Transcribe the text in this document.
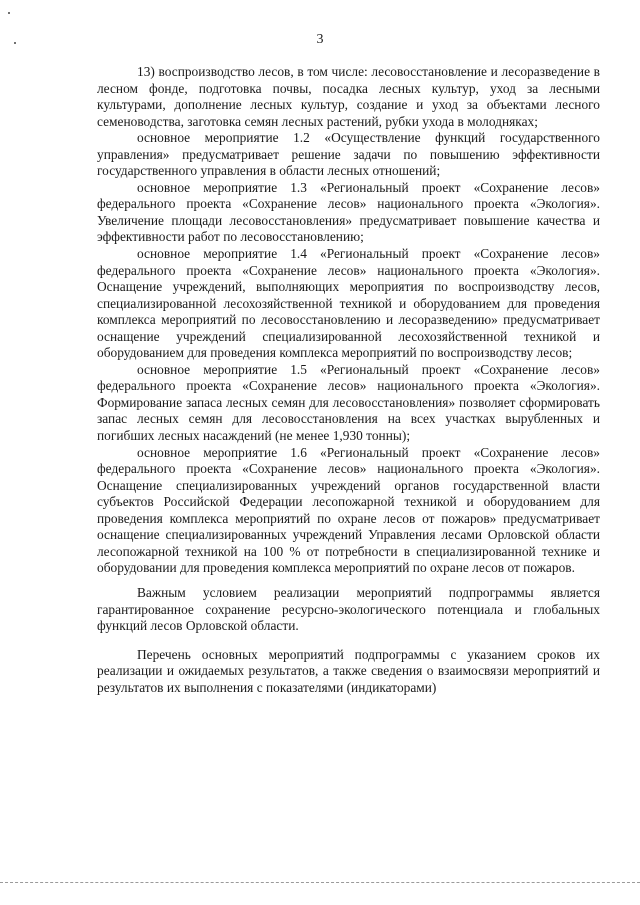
3

13) воспроизводство лесов, в том числе: лесовосстановление и лесоразведение в лесном фонде, подготовка почвы, посадка лесных культур, уход за лесными культурами, дополнение лесных культур, создание и уход за объектами лесного семеноводства, заготовка семян лесных растений, рубки ухода в молодняках;

основное мероприятие 1.2 «Осуществление функций государственного управления» предусматривает решение задачи по повышению эффективности государственного управления в области лесных отношений;

основное мероприятие 1.3 «Региональный проект «Сохранение лесов» федерального проекта «Сохранение лесов» национального проекта «Экология». Увеличение площади лесовосстановления» предусматривает повышение качества и эффективности работ по лесовосстановлению;

основное мероприятие 1.4 «Региональный проект «Сохранение лесов» федерального проекта «Сохранение лесов» национального проекта «Экология». Оснащение учреждений, выполняющих мероприятия по воспроизводству лесов, специализированной лесохозяйственной техникой и оборудованием для проведения комплекса мероприятий по лесовосстановлению и лесоразведению» предусматривает оснащение учреждений специализированной лесохозяйственной техникой и оборудованием для проведения комплекса мероприятий по воспроизводству лесов;

основное мероприятие 1.5 «Региональный проект «Сохранение лесов» федерального проекта «Сохранение лесов» национального проекта «Экология». Формирование запаса лесных семян для лесовосстановления» позволяет сформировать запас лесных семян для лесовосстановления на всех участках вырубленных и погибших лесных насаждений (не менее 1,930 тонны);

основное мероприятие 1.6 «Региональный проект «Сохранение лесов» федерального проекта «Сохранение лесов» национального проекта «Экология». Оснащение специализированных учреждений органов государственной власти субъектов Российской Федерации лесопожарной техникой и оборудованием для проведения комплекса мероприятий по охране лесов от пожаров» предусматривает оснащение специализированных учреждений Управления лесами Орловской области лесопожарной техникой на 100 % от потребности в специализированной технике и оборудовании для проведения комплекса мероприятий по охране лесов от пожаров.

Важным условием реализации мероприятий подпрограммы является гарантированное сохранение ресурсно-экологического потенциала и глобальных функций лесов Орловской области.

Перечень основных мероприятий подпрограммы с указанием сроков их реализации и ожидаемых результатов, а также сведения о взаимосвязи мероприятий и результатов их выполнения с показателями (индикаторами)
